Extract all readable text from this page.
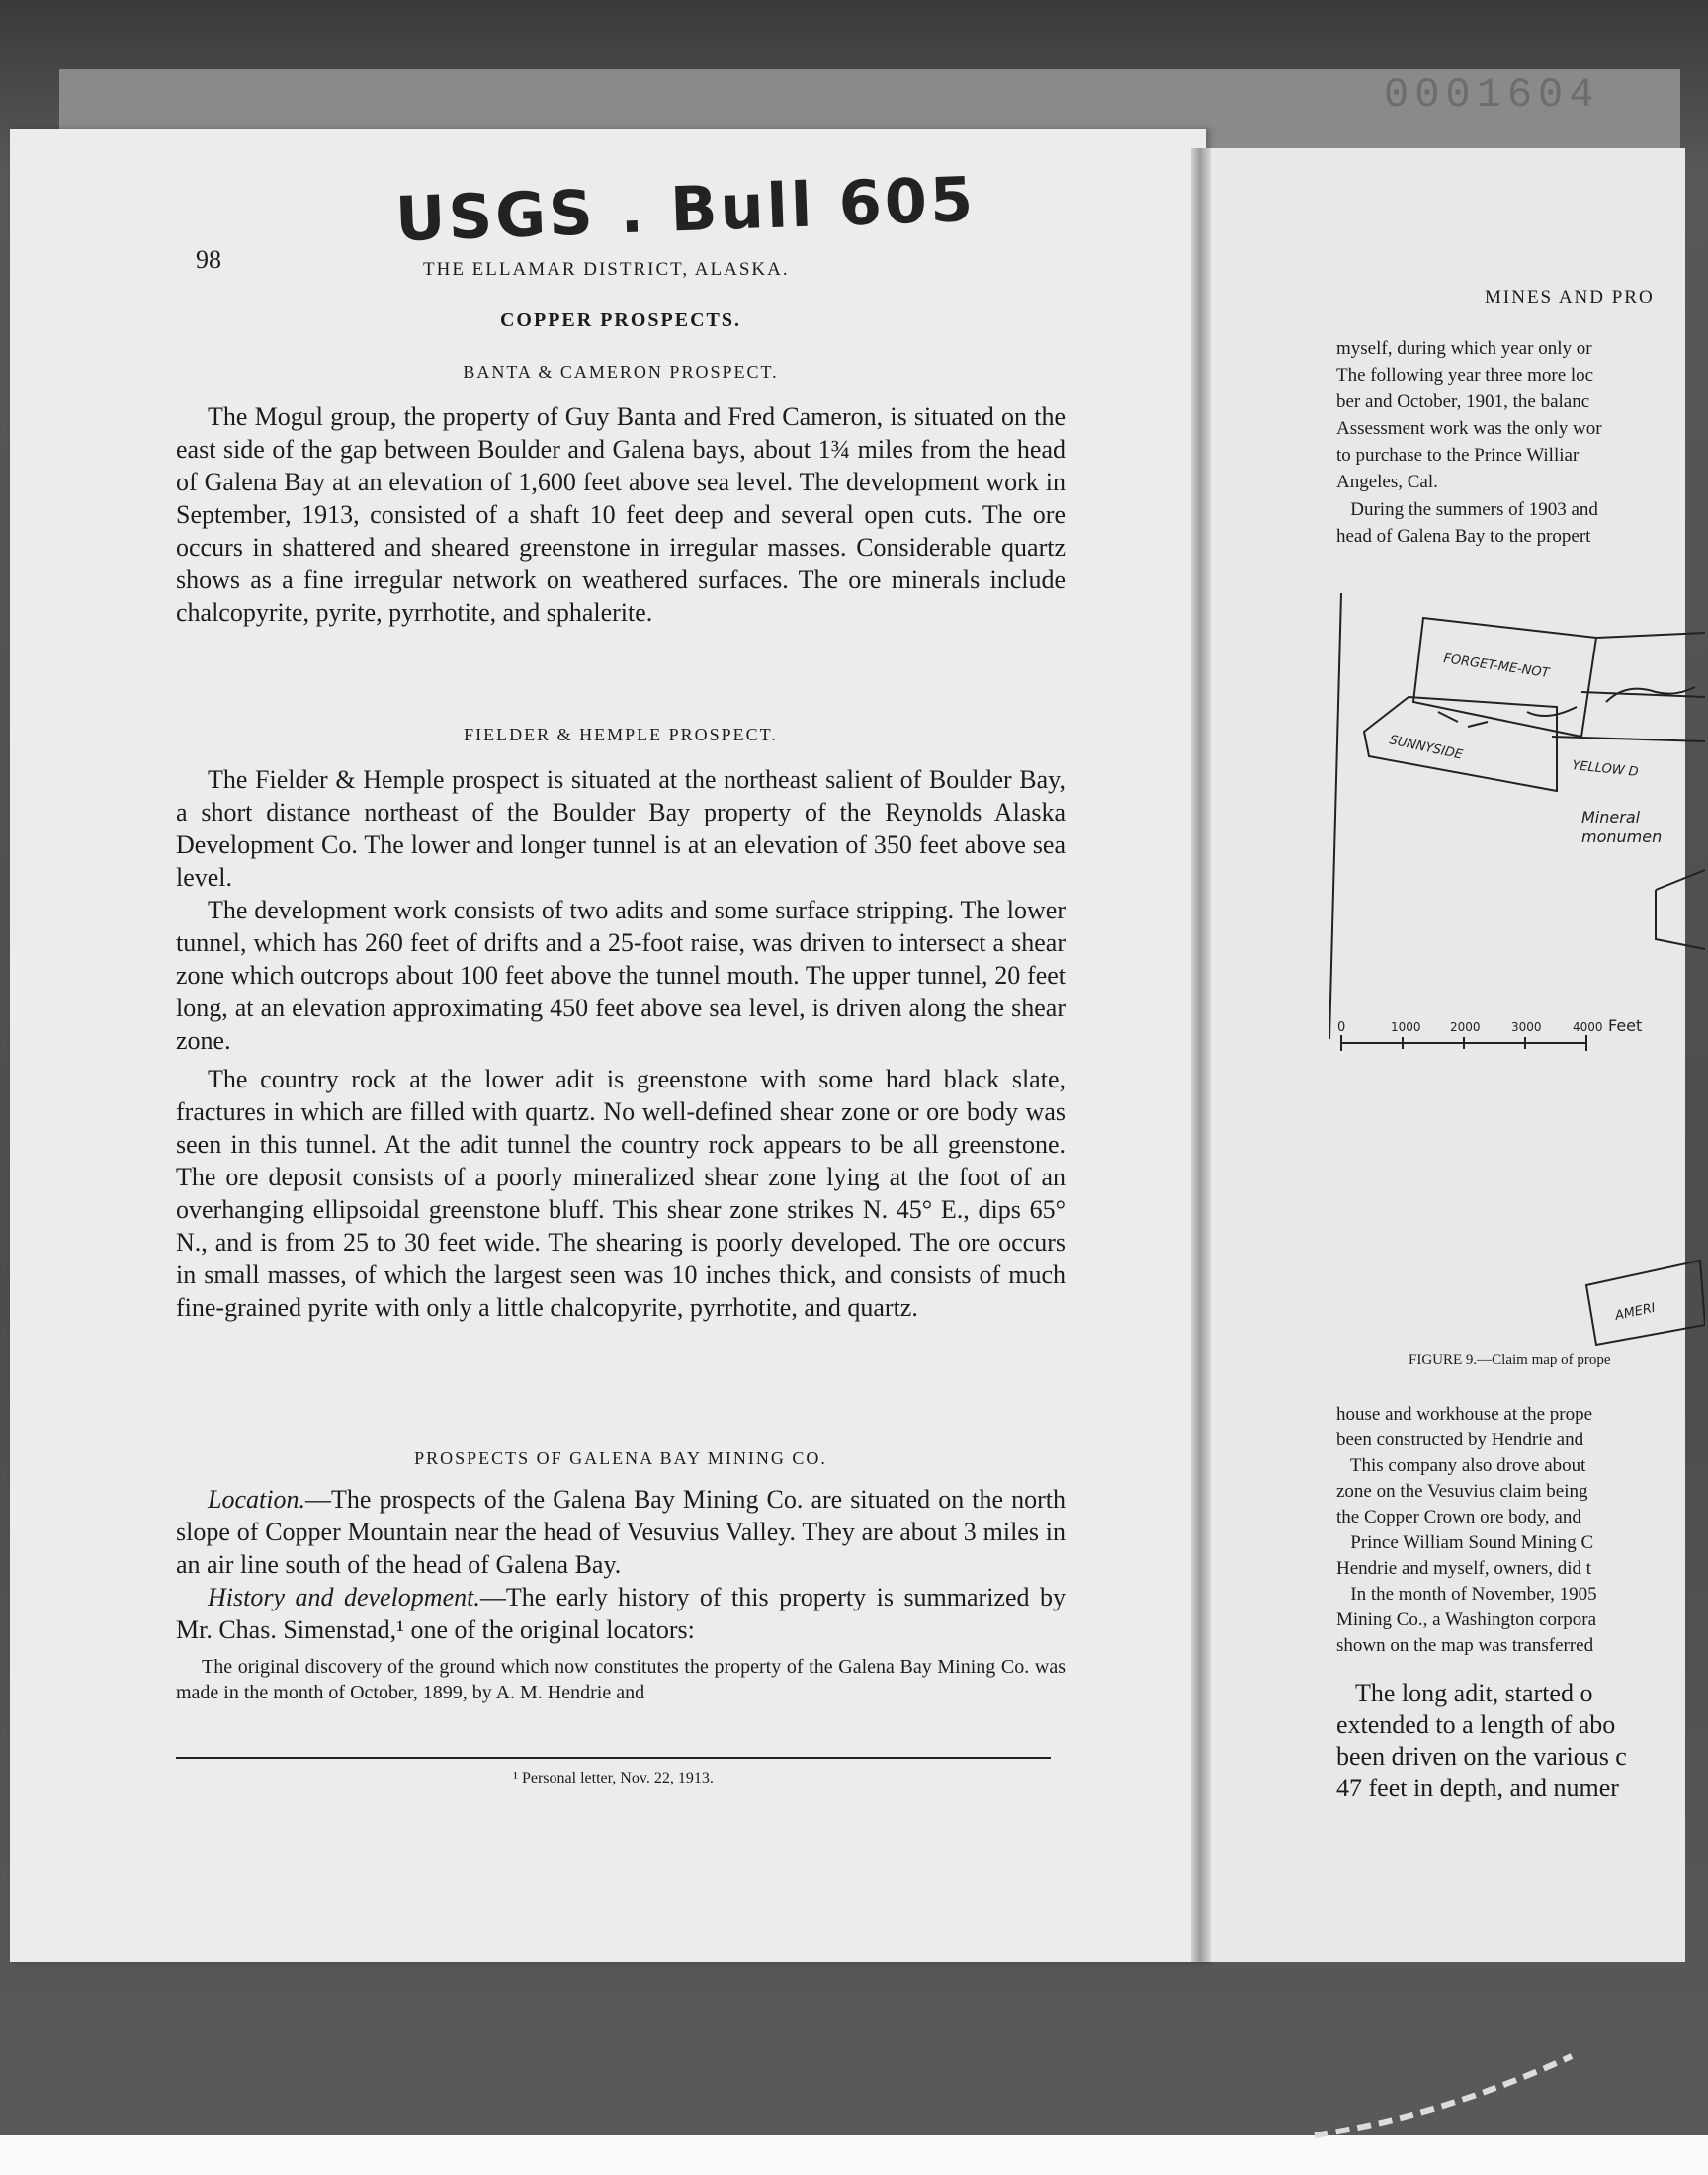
0001604
USGS . Bull 605
98	THE ELLAMAR DISTRICT, ALASKA.

COPPER PROSPECTS.

BANTA & CAMERON PROSPECT.

The Mogul group, the property of Guy Banta and Fred Cameron, is situated on the east side of the gap between Boulder and Galena bays, about 1¾ miles from the head of Galena Bay at an elevation of 1,600 feet above sea level. The development work in September, 1913, consisted of a shaft 10 feet deep and several open cuts. The ore occurs in shattered and sheared greenstone in irregular masses. Considerable quartz shows as a fine irregular network on weathered surfaces. The ore minerals include chalcopyrite, pyrite, pyrrhotite, and sphalerite.

FIELDER & HEMPLE PROSPECT.

The Fielder & Hemple prospect is situated at the northeast salient of Boulder Bay, a short distance northeast of the Boulder Bay property of the Reynolds Alaska Development Co. The lower and longer tunnel is at an elevation of 350 feet above sea level.

The development work consists of two adits and some surface stripping. The lower tunnel, which has 260 feet of drifts and a 25-foot raise, was driven to intersect a shear zone which outcrops about 100 feet above the tunnel mouth. The upper tunnel, 20 feet long, at an elevation approximating 450 feet above sea level, is driven along the shear zone.

The country rock at the lower adit is greenstone with some hard black slate, fractures in which are filled with quartz. No well-defined shear zone or ore body was seen in this tunnel. At the adit tunnel the country rock appears to be all greenstone. The ore deposit consists of a poorly mineralized shear zone lying at the foot of an overhanging ellipsoidal greenstone bluff. This shear zone strikes N. 45° E., dips 65° N., and is from 25 to 30 feet wide. The shearing is poorly developed. The ore occurs in small masses, of which the largest seen was 10 inches thick, and consists of much fine-grained pyrite with only a little chalcopyrite, pyrrhotite, and quartz.

PROSPECTS OF GALENA BAY MINING CO.

Location.—The prospects of the Galena Bay Mining Co. are situated on the north slope of Copper Mountain near the head of Vesuvius Valley. They are about 3 miles in an air line south of the head of Galena Bay.

History and development.—The early history of this property is summarized by Mr. Chas. Simenstad,¹ one of the original locators:

The original discovery of the ground which now constitutes the property of the Galena Bay Mining Co. was made in the month of October, 1899, by A. M. Hendrie and

¹ Personal letter, Nov. 22, 1913.
MINES AND PRO
myself, during which year only or
The following year three more loc
ber and October, 1901, the balanc
Assessment work was the only wor
to purchase to the Prince Williar
Angeles, Cal.
During the summers of 1903 and
head of Galena Bay to the propert
FORGET-ME-NOT
SUNNYSIDE
YELLOW D
Mineral
monumen
AMERI
0	1000 2000	3000	4000 Feet
FIGURE 9.—Claim map of prope
house and workhouse at the prope
been constructed by Hendrie and
This company also drove about
zone on the Vesuvius claim being
the Copper Crown ore body, and
Prince William Sound Mining C
Hendrie and myself, owners, did t
In the month of November, 1905
Mining Co., a Washington corpora
shown on the map was transferred
The long adit, started o
extended to a length of abo
been driven on the various c
47 feet in depth, and numer
